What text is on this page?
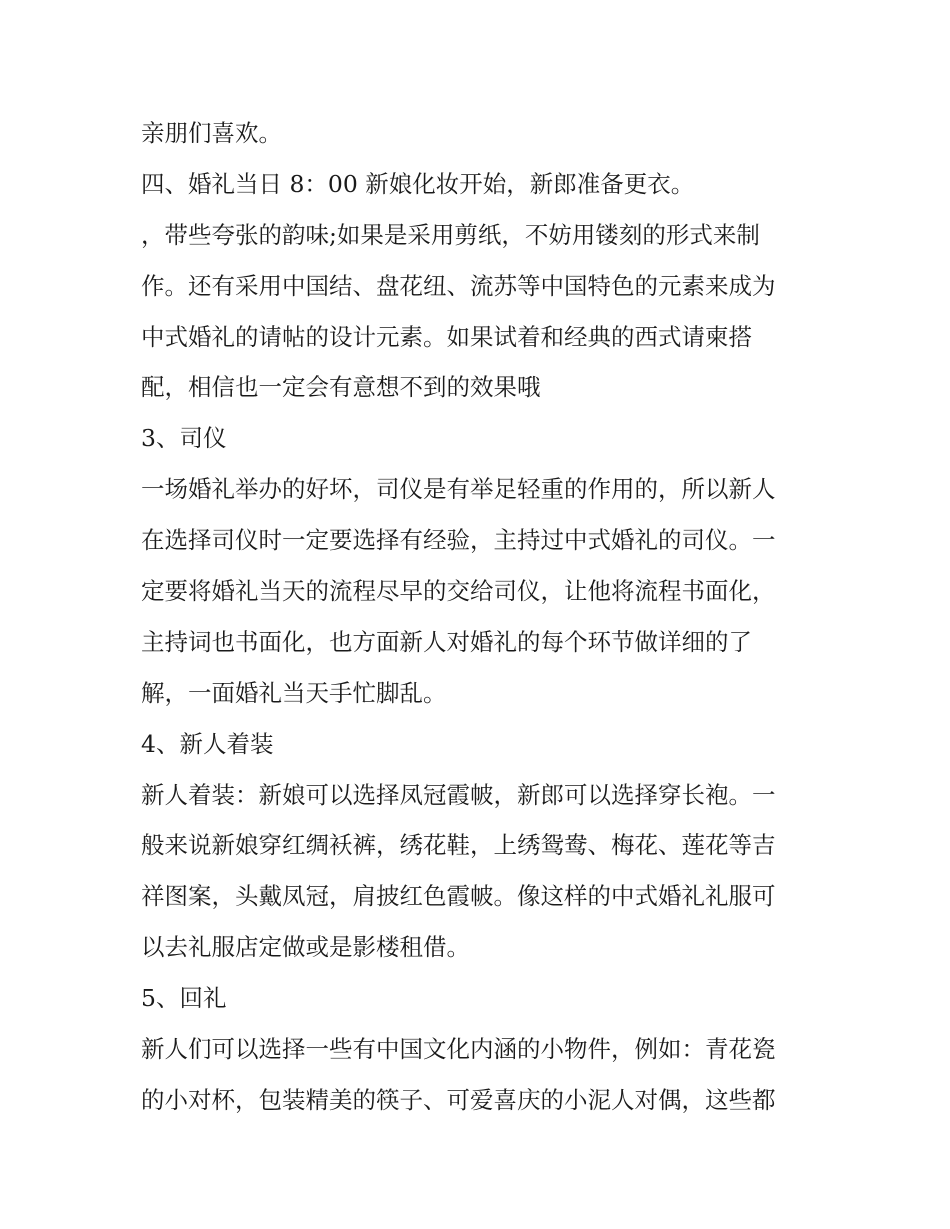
亲朋们喜欢。
四、婚礼当日 8：00 新娘化妆开始，新郎准备更衣。
，带些夸张的韵味;如果是采用剪纸，不妨用镂刻的形式来制
作。还有采用中国结、盘花纽、流苏等中国特色的元素来成为
中式婚礼的请帖的设计元素。如果试着和经典的西式请柬搭
配，相信也一定会有意想不到的效果哦
3、司仪
一场婚礼举办的好坏，司仪是有举足轻重的作用的，所以新人
在选择司仪时一定要选择有经验，主持过中式婚礼的司仪。一
定要将婚礼当天的流程尽早的交给司仪，让他将流程书面化，
主持词也书面化，也方面新人对婚礼的每个环节做详细的了
解，一面婚礼当天手忙脚乱。
4、新人着装
新人着装：新娘可以选择凤冠霞帔，新郎可以选择穿长袍。一
般来说新娘穿红绸袄裤，绣花鞋，上绣鸳鸯、梅花、莲花等吉
祥图案，头戴凤冠，肩披红色霞帔。像这样的中式婚礼礼服可
以去礼服店定做或是影楼租借。
5、回礼
新人们可以选择一些有中国文化内涵的小物件，例如：青花瓷
的小对杯，包装精美的筷子、可爱喜庆的小泥人对偶，这些都
